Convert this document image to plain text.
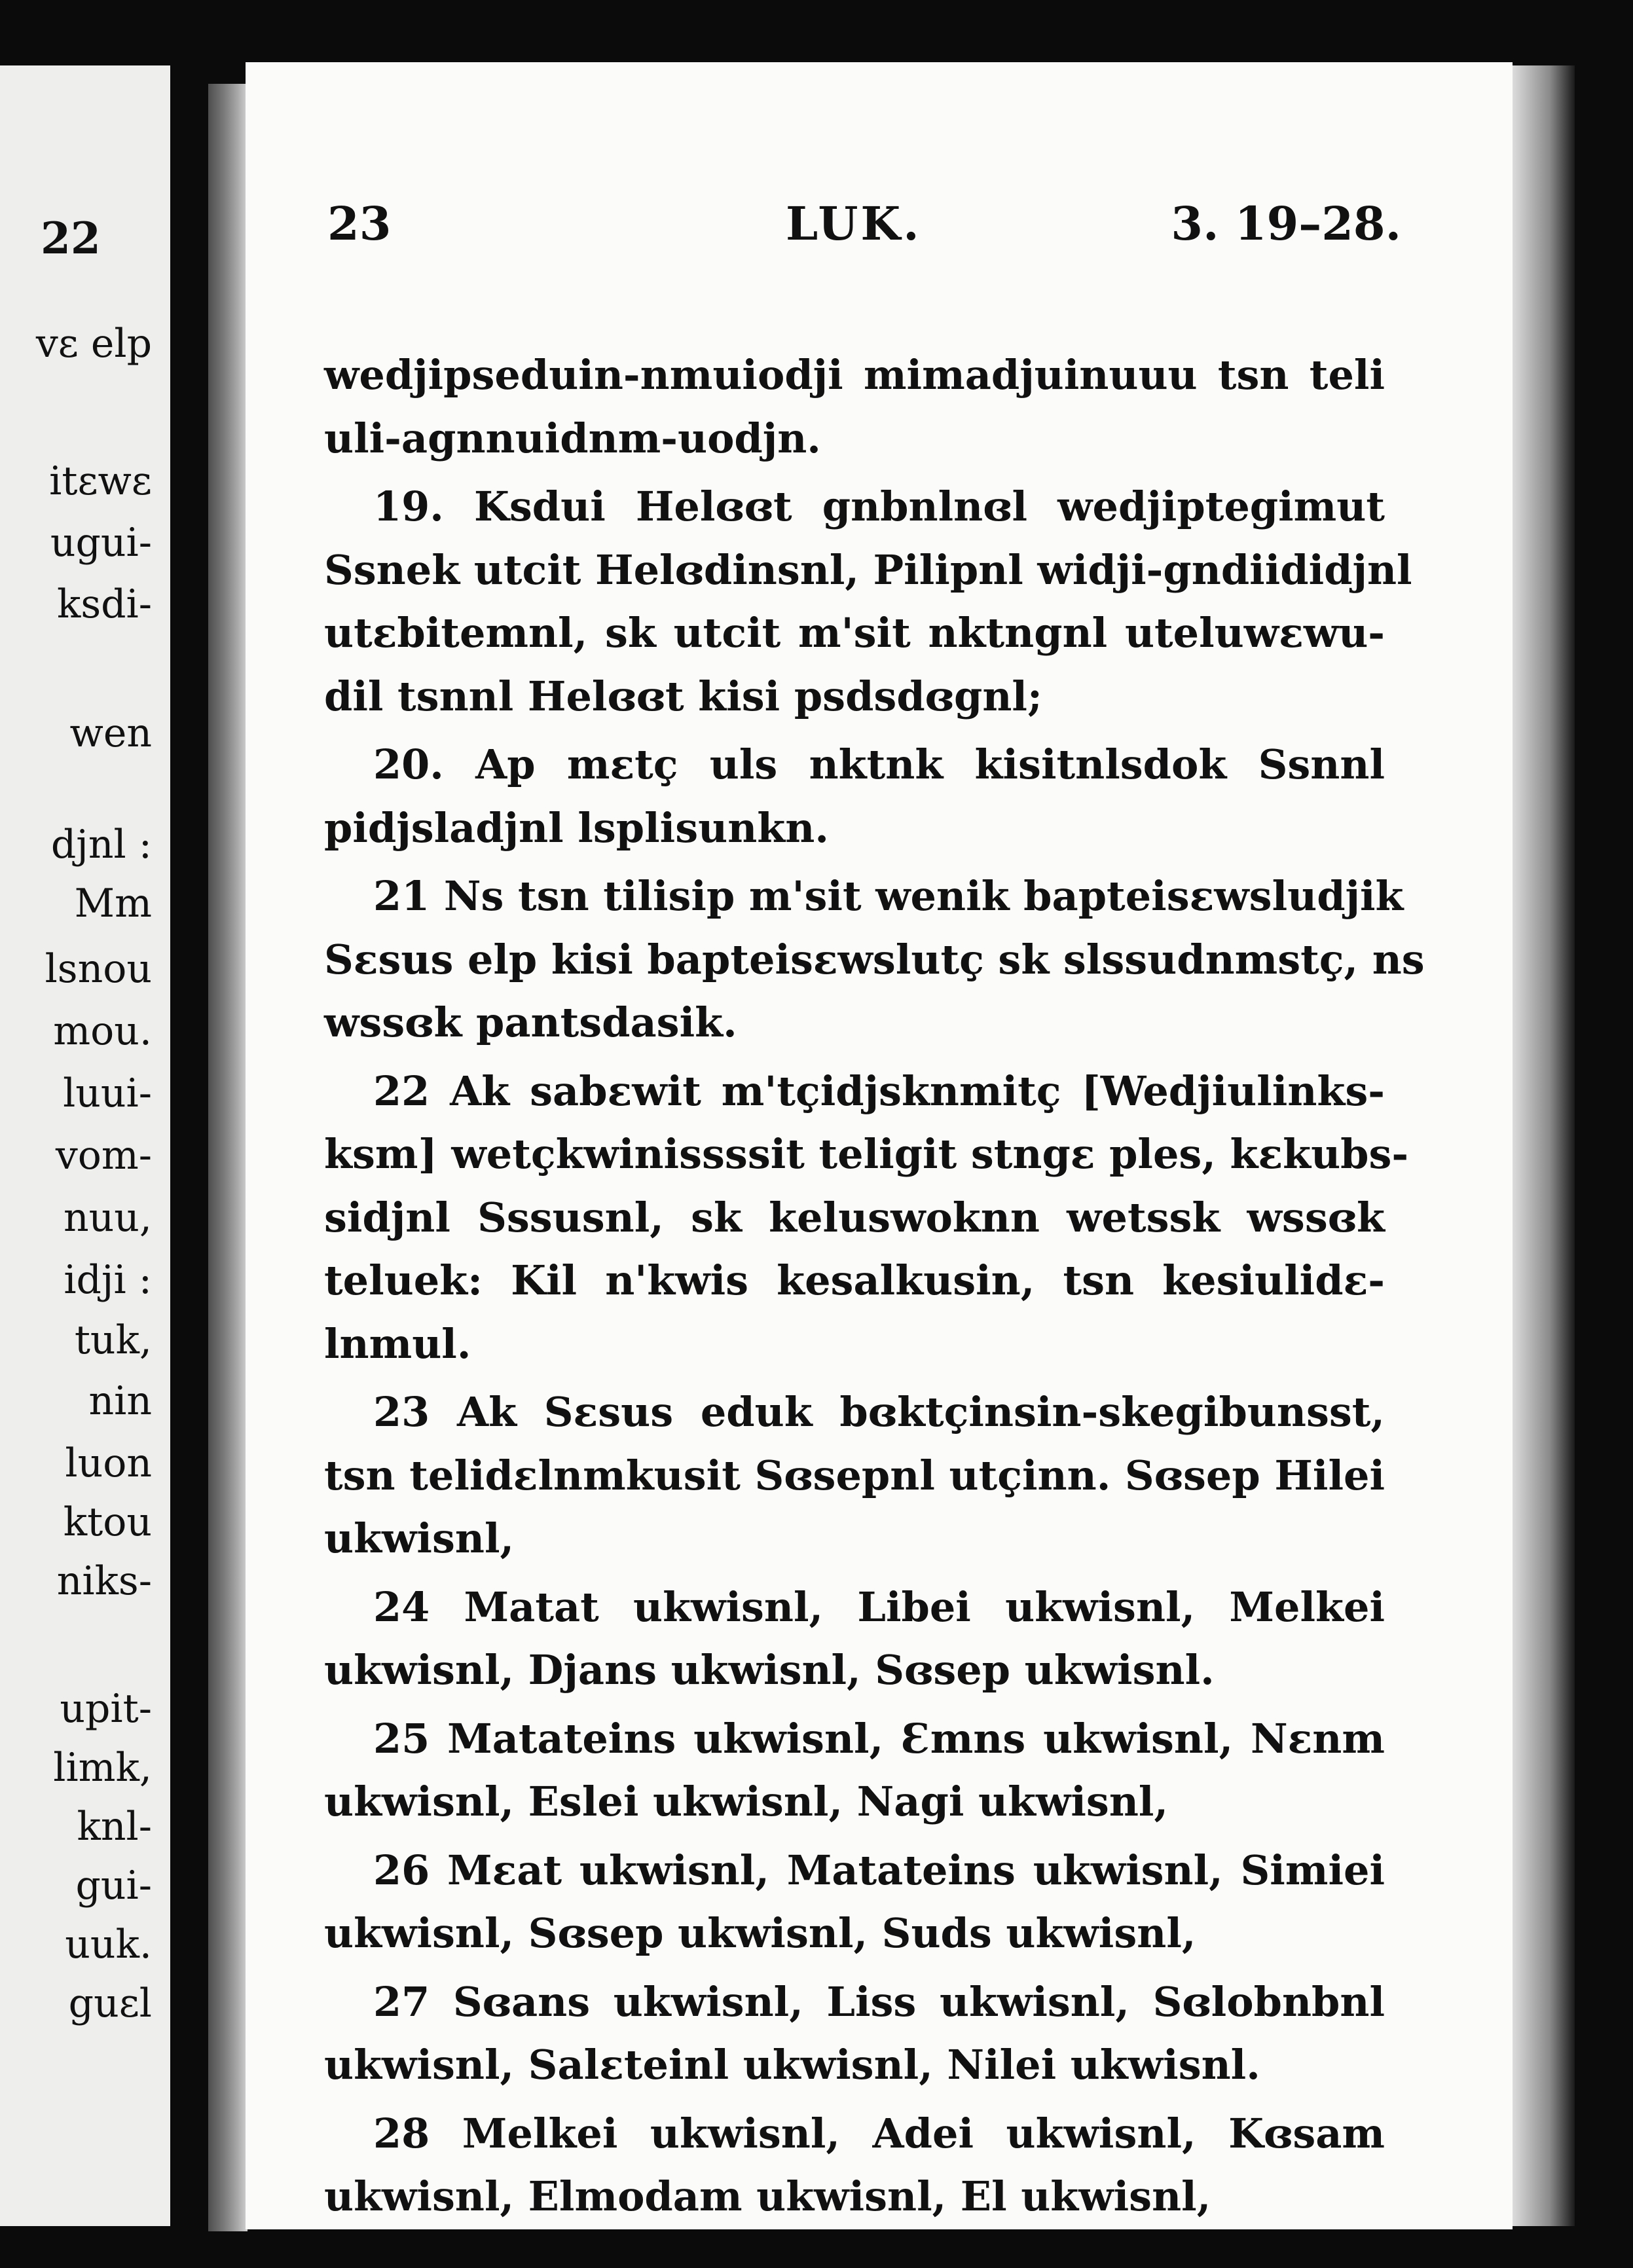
22
vɛ elp
itɛwɛ
ugui-
ksdi-
wen
djnl :
Mm
lsnou
mou.
luui-
vom-
nuu,
idji :
tuk,
nin
luon
ktou
niks-
upit-
limk,
knl-
gui-
uuk.
guɛl
23	LUK.	3. 19–28.
wedjipseduin-nmuiodji mimadjuinuuu tsn teli
uli-agnnuidnm-uodjn.
19. Ksdui Helɞɞt gnbnlnɞl wedjiptegimut
Ssnek utcit Helɞdinsnl, Pilipnl widji-gndiididjnl
utɛbitemnl, sk utcit m'sit nktngnl uteluwɛwu-
dil tsnnl Helɞɞt kisi psdsdɞgnl;
20. Ap mɛtç uls nktnk kisitnlsdok Ssnnl
pidjsladjnl lsplisunkn.
21 Ns tsn tilisip m'sit wenik bapteisɛwsludjik
Sɛsus elp kisi bapteisɛwslutç sk slssudnmstç, ns
wssɞk pantsdasik.
22 Ak sabɛwit m'tçidjsknmitç [Wedjiulinks-
ksm] wetçkwinissssit teligit stngɛ ples, kɛkubs-
sidjnl Sssusnl, sk keluswoknn wetssk wssɞk
teluek: Kil n'kwis kesalkusin, tsn kesiulidɛ-
lnmul.
23 Ak Sɛsus eduk bɞktçinsin-skegibunsst,
tsn telidɛlnmkusit Sɞsepnl utçinn. Sɞsep Hilei
ukwisnl,
24 Matat ukwisnl, Libei ukwisnl, Melkei
ukwisnl, Djans ukwisnl, Sɞsep ukwisnl.
25 Matateins ukwisnl, Ɛmns ukwisnl, Nɛnm
ukwisnl, Eslei ukwisnl, Nagi ukwisnl,
26 Mɛat ukwisnl, Matateins ukwisnl, Simiei
ukwisnl, Sɞsep ukwisnl, Suds ukwisnl,
27 Sɞans ukwisnl, Liss ukwisnl, Sɞlobnbnl
ukwisnl, Salɛteinl ukwisnl, Nilei ukwisnl.
28 Melkei ukwisnl, Adei ukwisnl, Kɞsam
ukwisnl, Elmodam ukwisnl, El ukwisnl,
